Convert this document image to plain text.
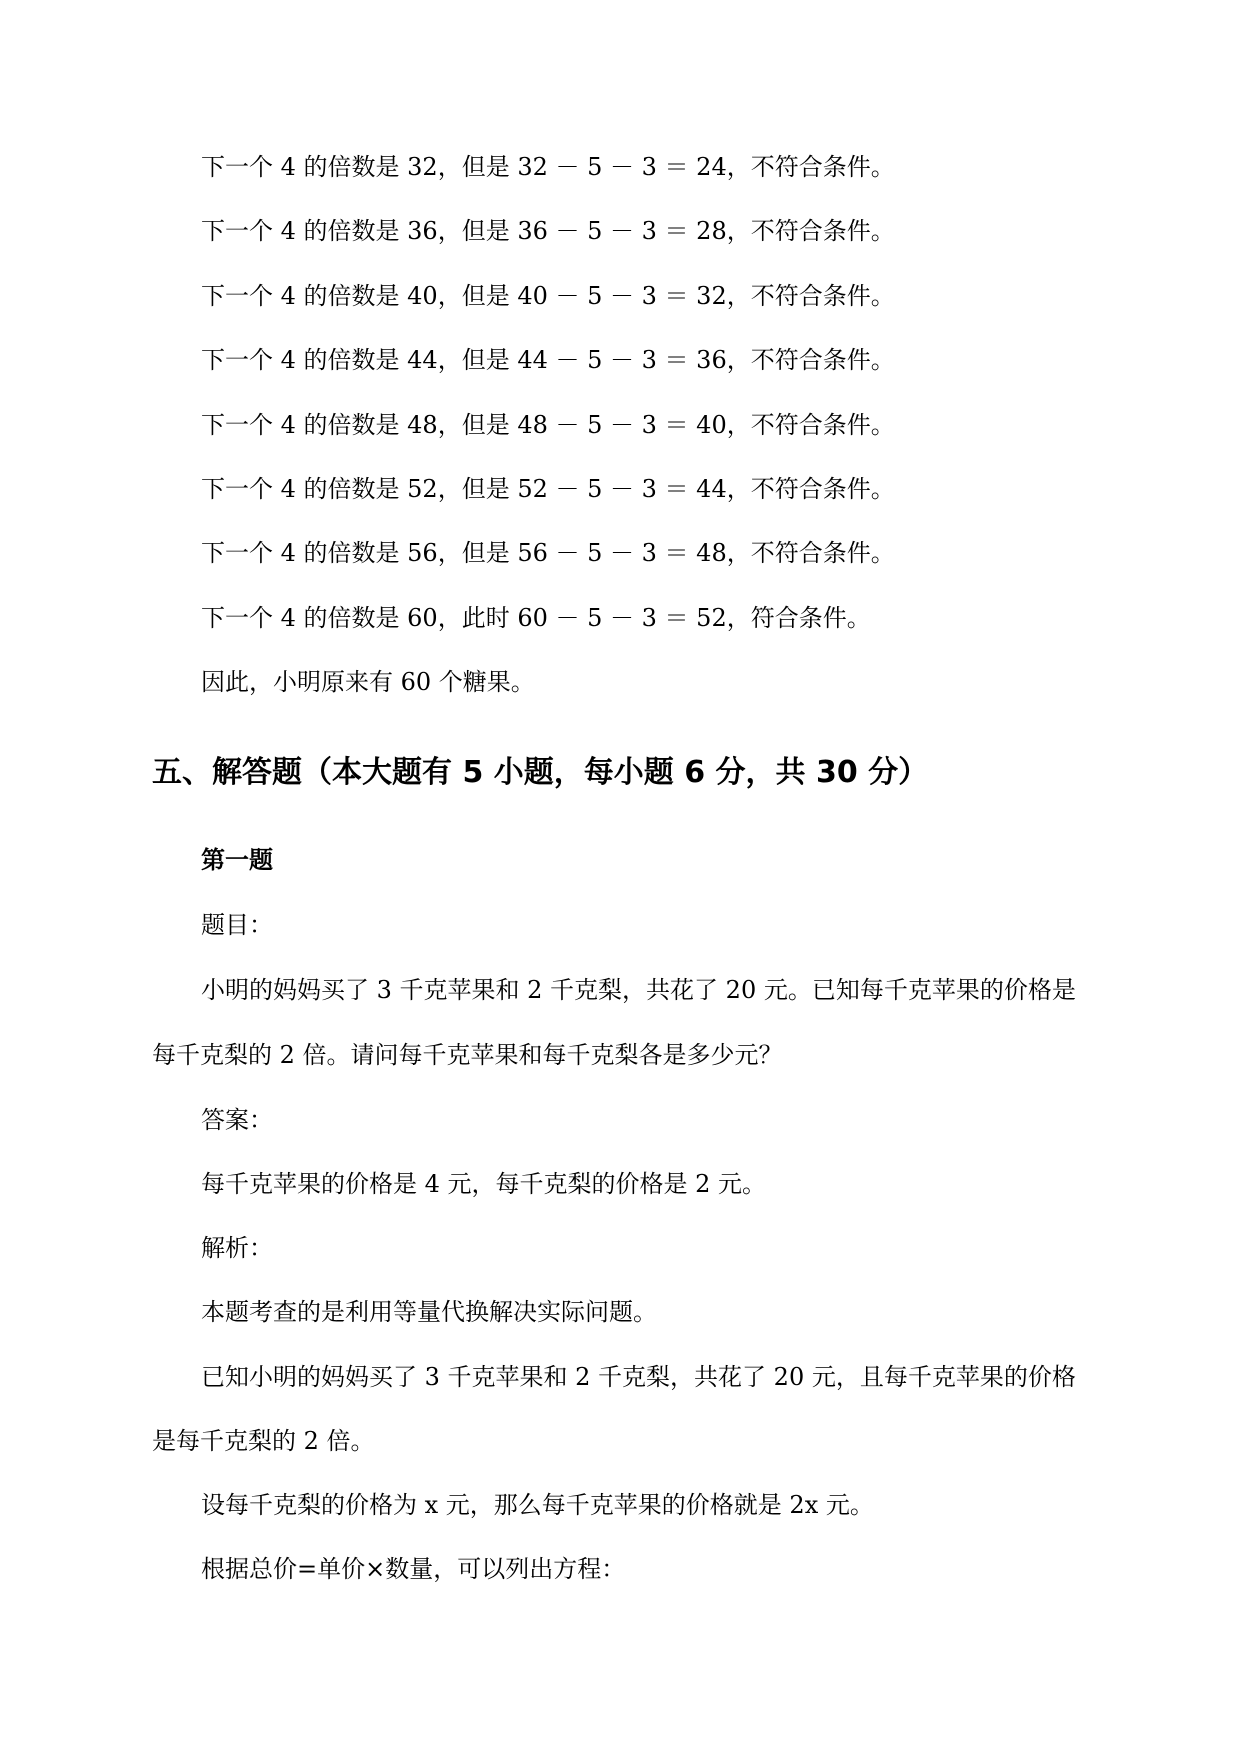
下一个 4 的倍数是 32，但是 32 － 5 － 3 ＝ 24，不符合条件。
下一个 4 的倍数是 36，但是 36 － 5 － 3 ＝ 28，不符合条件。
下一个 4 的倍数是 40，但是 40 － 5 － 3 ＝ 32，不符合条件。
下一个 4 的倍数是 44，但是 44 － 5 － 3 ＝ 36，不符合条件。
下一个 4 的倍数是 48，但是 48 － 5 － 3 ＝ 40，不符合条件。
下一个 4 的倍数是 52，但是 52 － 5 － 3 ＝ 44，不符合条件。
下一个 4 的倍数是 56，但是 56 － 5 － 3 ＝ 48，不符合条件。
下一个 4 的倍数是 60，此时 60 － 5 － 3 ＝ 52，符合条件。
因此，小明原来有 60 个糖果。
五、解答题（本大题有 5 小题，每小题 6 分，共 30 分）
第一题
题目：
小明的妈妈买了 3 千克苹果和 2 千克梨，共花了 20 元。已知每千克苹果的价格是
每千克梨的 2 倍。请问每千克苹果和每千克梨各是多少元？
答案：
每千克苹果的价格是 4 元，每千克梨的价格是 2 元。
解析：
本题考查的是利用等量代换解决实际问题。
已知小明的妈妈买了 3 千克苹果和 2 千克梨，共花了 20 元，且每千克苹果的价格
是每千克梨的 2 倍。
设每千克梨的价格为 x 元，那么每千克苹果的价格就是 2x 元。
根据总价=单价×数量，可以列出方程：
